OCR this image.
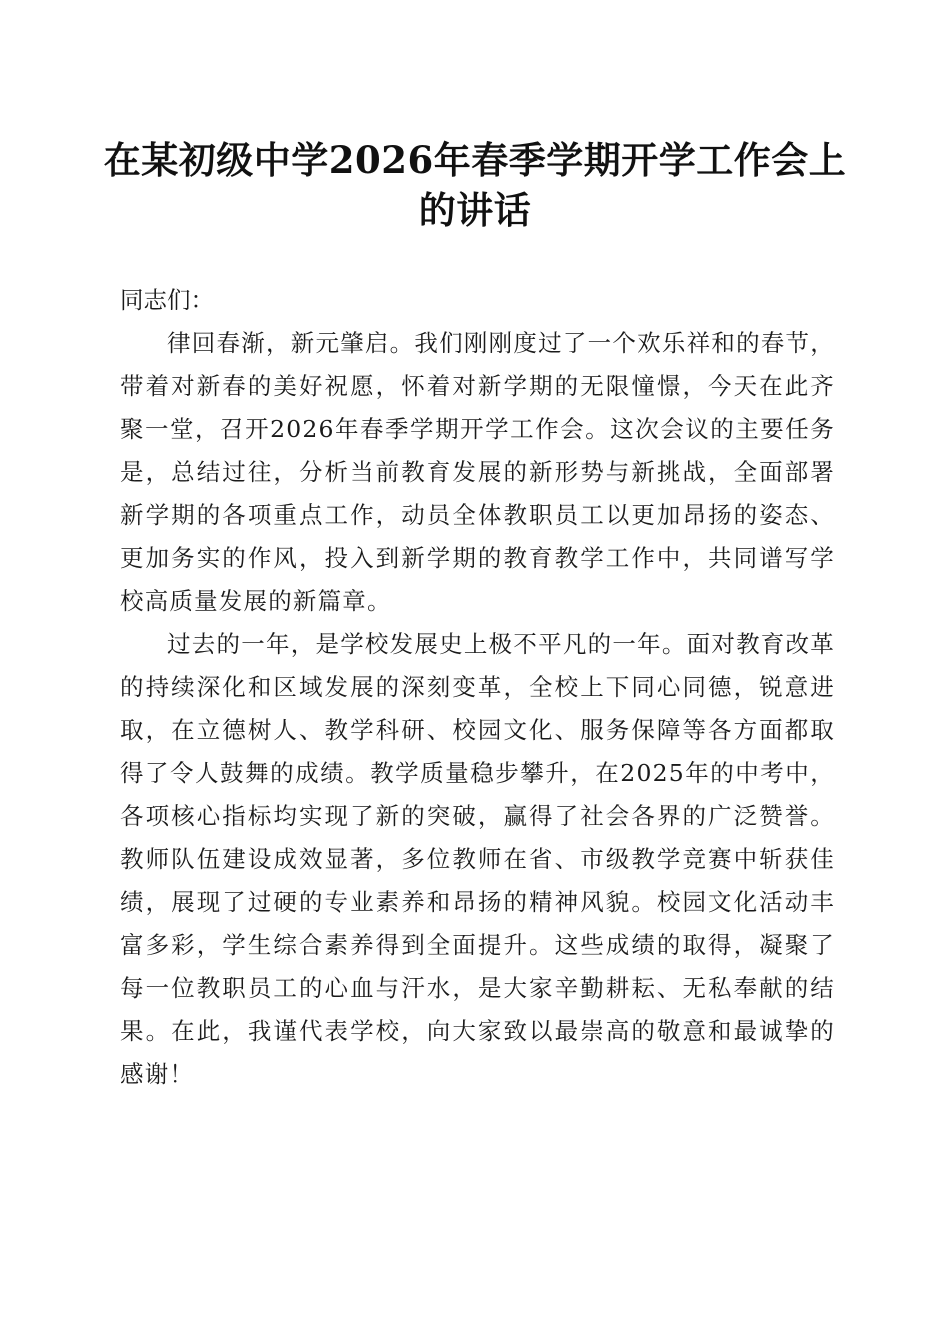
在某初级中学2026年春季学期开学工作会上的讲话

同志们：

律回春渐，新元肇启。我们刚刚度过了一个欢乐祥和的春节，带着对新春的美好祝愿，怀着对新学期的无限憧憬，今天在此齐聚一堂，召开2026年春季学期开学工作会。这次会议的主要任务是，总结过往，分析当前教育发展的新形势与新挑战，全面部署新学期的各项重点工作，动员全体教职员工以更加昂扬的姿态、更加务实的作风，投入到新学期的教育教学工作中，共同谱写学校高质量发展的新篇章。

过去的一年，是学校发展史上极不平凡的一年。面对教育改革的持续深化和区域发展的深刻变革，全校上下同心同德，锐意进取，在立德树人、教学科研、校园文化、服务保障等各方面都取得了令人鼓舞的成绩。教学质量稳步攀升，在2025年的中考中，各项核心指标均实现了新的突破，赢得了社会各界的广泛赞誉。教师队伍建设成效显著，多位教师在省、市级教学竞赛中斩获佳绩，展现了过硬的专业素养和昂扬的精神风貌。校园文化活动丰富多彩，学生综合素养得到全面提升。这些成绩的取得，凝聚了每一位教职员工的心血与汗水，是大家辛勤耕耘、无私奉献的结果。在此，我谨代表学校，向大家致以最崇高的敬意和最诚挚的感谢！
